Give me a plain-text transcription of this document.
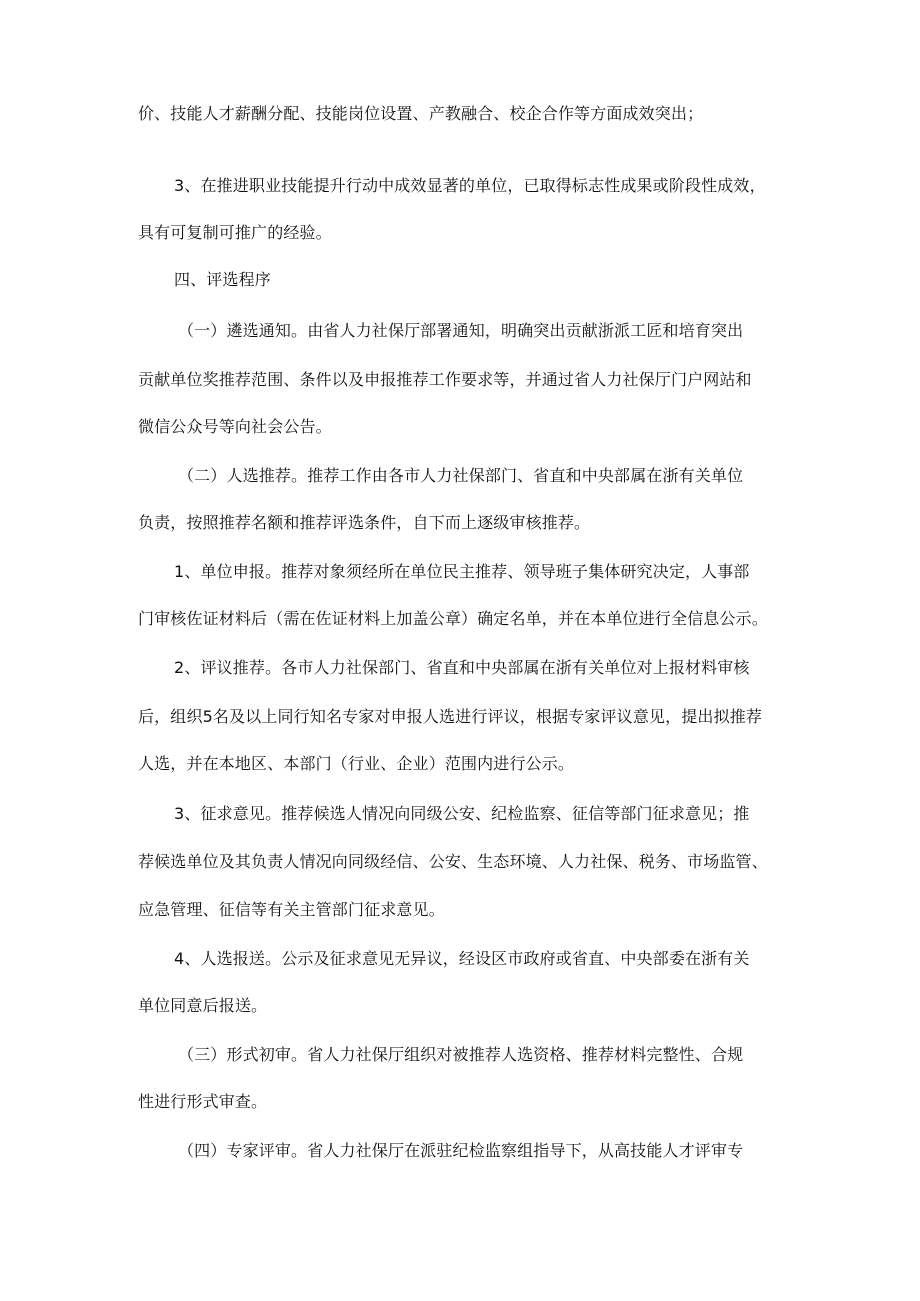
价、技能人才薪酬分配、技能岗位设置、产教融合、校企合作等方面成效突出；
3、在推进职业技能提升行动中成效显著的单位，已取得标志性成果或阶段性成效，
具有可复制可推广的经验。
四、评选程序
（一）遴选通知。由省人力社保厅部署通知，明确突出贡献浙派工匠和培育突出
贡献单位奖推荐范围、条件以及申报推荐工作要求等，并通过省人力社保厅门户网站和
微信公众号等向社会公告。
（二）人选推荐。推荐工作由各市人力社保部门、省直和中央部属在浙有关单位
负责，按照推荐名额和推荐评选条件，自下而上逐级审核推荐。
1、单位申报。推荐对象须经所在单位民主推荐、领导班子集体研究决定，人事部
门审核佐证材料后（需在佐证材料上加盖公章）确定名单，并在本单位进行全信息公示。
2、评议推荐。各市人力社保部门、省直和中央部属在浙有关单位对上报材料审核
后，组织5名及以上同行知名专家对申报人选进行评议，根据专家评议意见，提出拟推荐
人选，并在本地区、本部门（行业、企业）范围内进行公示。
3、征求意见。推荐候选人情况向同级公安、纪检监察、征信等部门征求意见；推
荐候选单位及其负责人情况向同级经信、公安、生态环境、人力社保、税务、市场监管、
应急管理、征信等有关主管部门征求意见。
4、人选报送。公示及征求意见无异议，经设区市政府或省直、中央部委在浙有关
单位同意后报送。
（三）形式初审。省人力社保厅组织对被推荐人选资格、推荐材料完整性、合规
性进行形式审查。
（四）专家评审。省人力社保厅在派驻纪检监察组指导下，从高技能人才评审专
